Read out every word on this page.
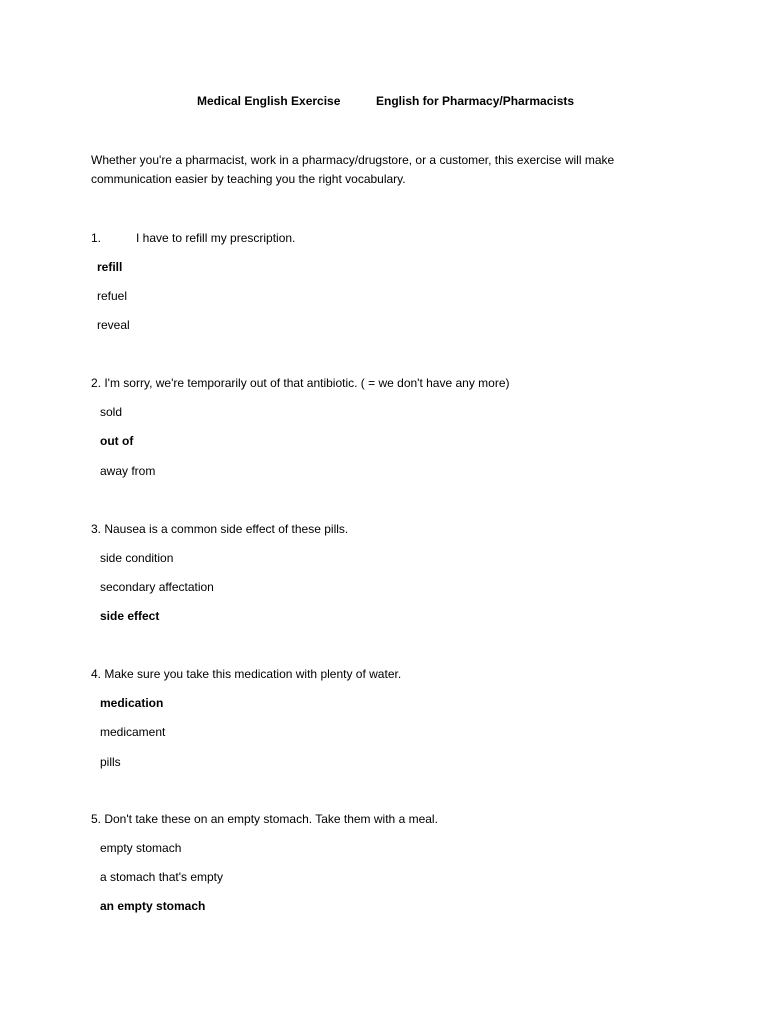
Medical English Exercise	English for Pharmacy/Pharmacists
Whether you're a pharmacist, work in a pharmacy/drugstore, or a customer, this exercise will make communication easier by teaching you the right vocabulary.
1.	I have to refill my prescription.
refill
refuel
reveal
2. I'm sorry, we're temporarily out of that antibiotic. ( = we don't have any more)
sold
out of
away from
3. Nausea is a common side effect of these pills.
side condition
secondary affectation
side effect
4. Make sure you take this medication with plenty of water.
medication
medicament
pills
5. Don't take these on an empty stomach. Take them with a meal.
empty stomach
a stomach that's empty
an empty stomach
